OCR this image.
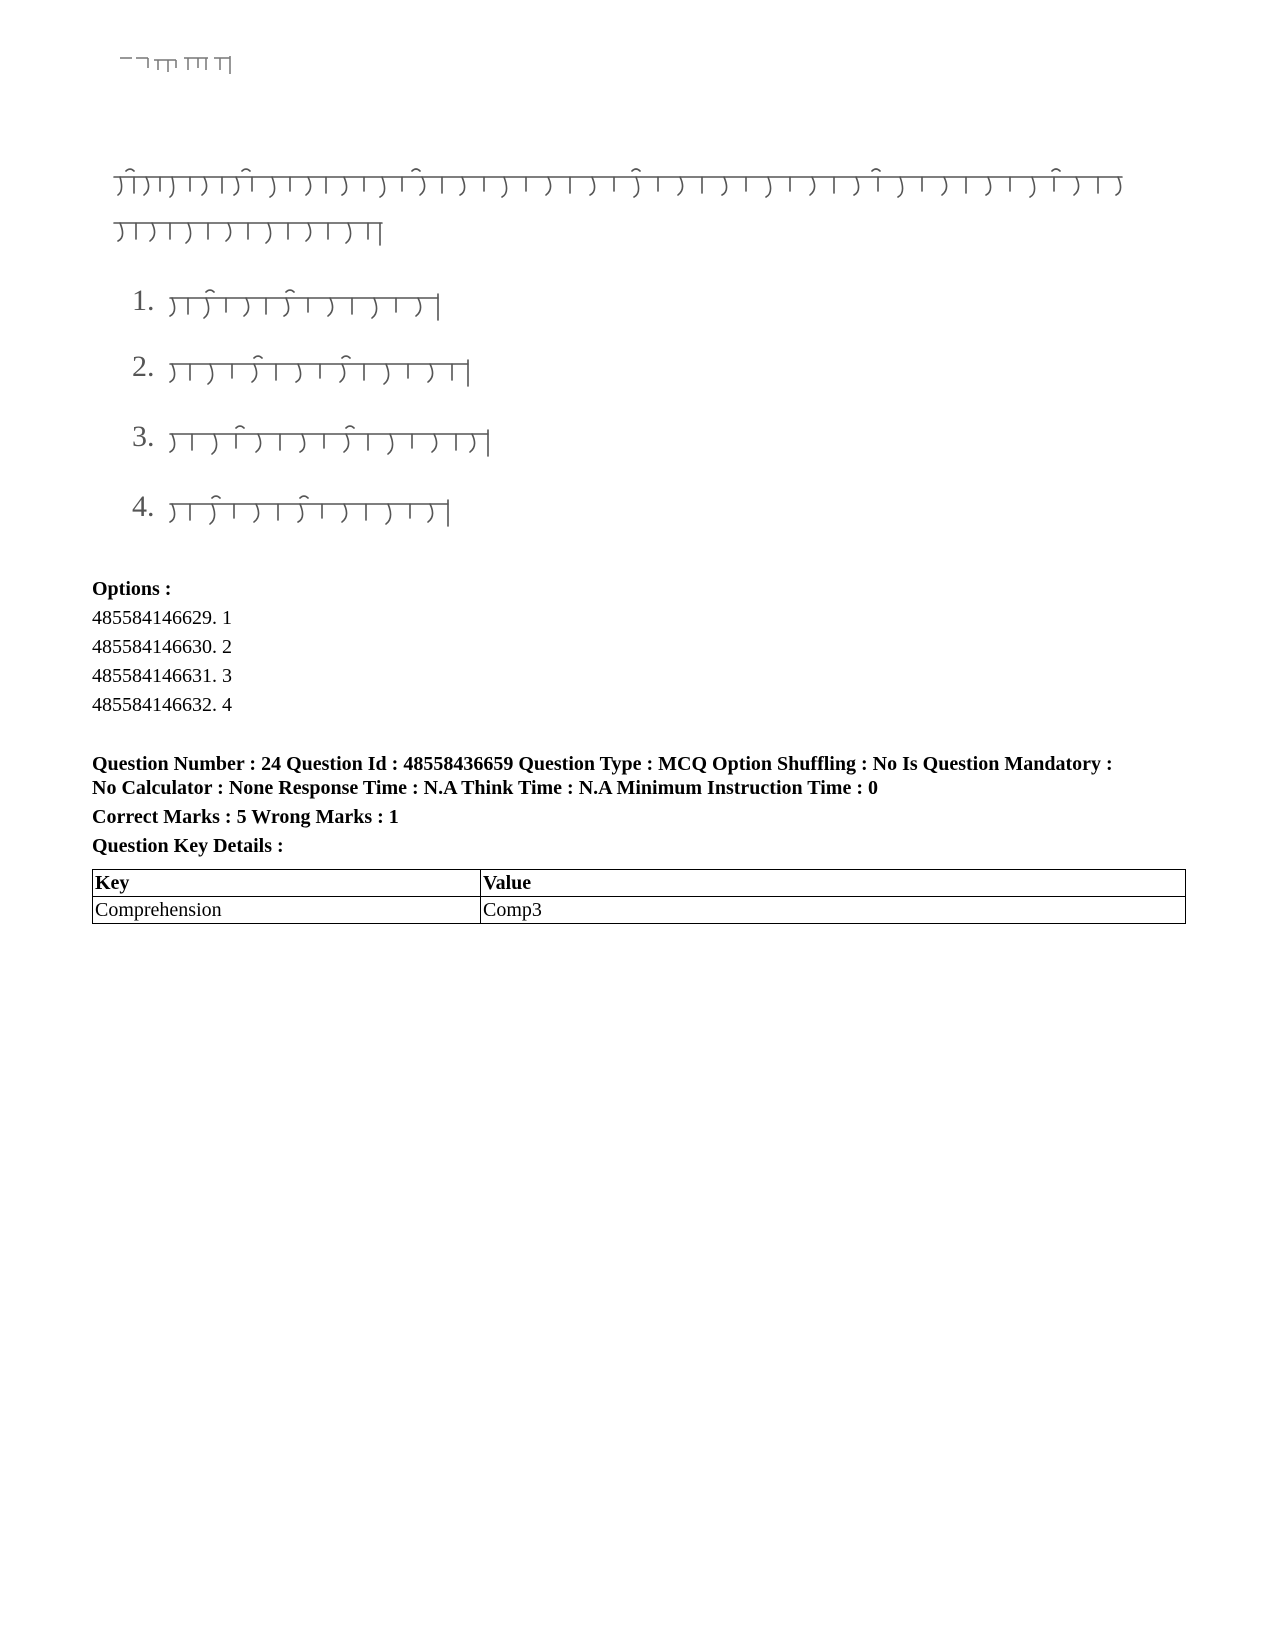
1.
2.
3.
4.
Options :
485584146629. 1
485584146630. 2
485584146631. 3
485584146632. 4
Question Number : 24 Question Id : 48558436659 Question Type : MCQ Option Shuffling : No Is Question Mandatory :
No Calculator : None Response Time : N.A Think Time : N.A Minimum Instruction Time : 0
Correct Marks : 5 Wrong Marks : 1
Question Key Details :
Key	Value
Comprehension	Comp3
